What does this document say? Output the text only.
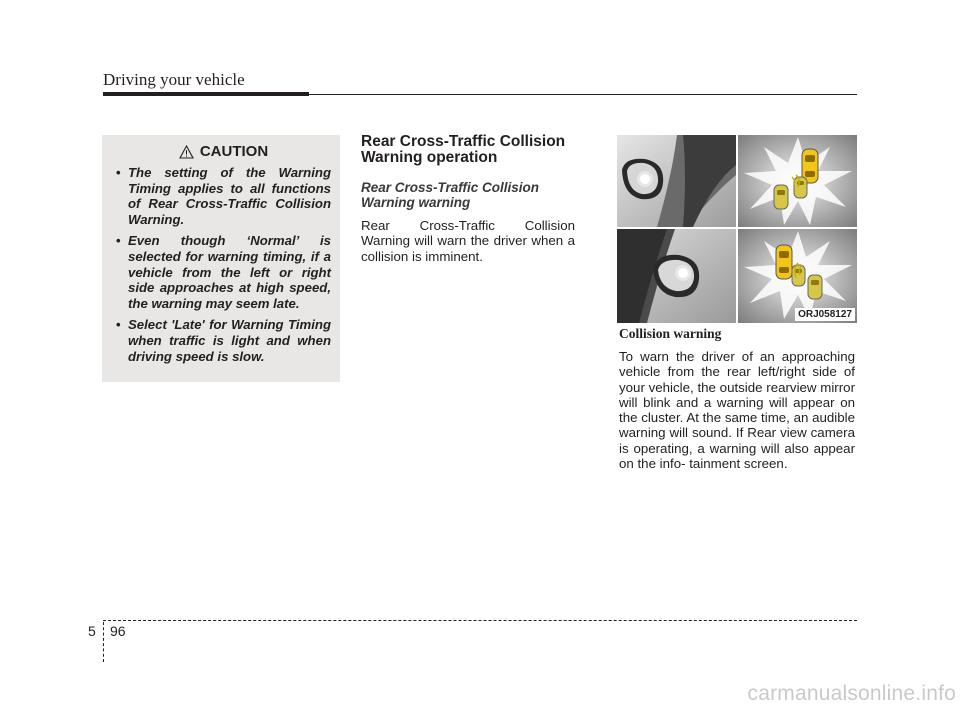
Driving your vehicle
CAUTION
• The setting of the Warning Timing applies to all functions of Rear Cross-Traffic Collision Warning.
• Even though ‘Normal’ is selected for warning timing, if a vehicle from the left or right side approaches at high speed, the warning may seem late.
• Select 'Late' for Warning Timing when traffic is light and when driving speed is slow.
Rear Cross-Traffic Collision Warning operation
Rear Cross-Traffic Collision Warning warning

Rear Cross-Traffic Collision Warning will warn the driver when a collision is imminent.

ORJ058127

Collision warning

To warn the driver of an approaching vehicle from the rear left/right side of your vehicle, the outside rearview mirror will blink and a warning will appear on the cluster. At the same time, an audible warning will sound. If Rear view camera is operating, a warning will also appear on the info- tainment screen.

5 96
carmanualsonline.info
